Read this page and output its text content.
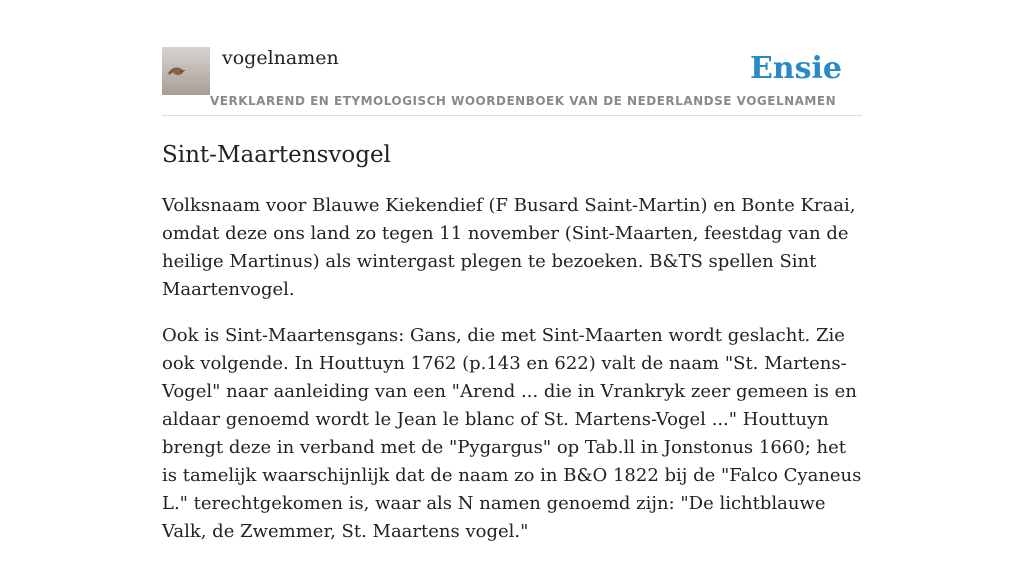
vogelnamen
VERKLAREND EN ETYMOLOGISCH WOORDENBOEK VAN DE NEDERLANDSE VOGELNAMEN
Ensie
Sint-Maartensvogel

Volksnaam voor Blauwe Kiekendief (F Busard Saint-Martin) en Bonte Kraai, omdat deze ons land zo tegen 11 november (Sint-Maarten, feestdag van de heilige Martinus) als wintergast plegen te bezoeken. B&TS spellen Sint Maartenvogel.

Ook is Sint-Maartensgans: Gans, die met Sint-Maarten wordt geslacht. Zie ook volgende. In Houttuyn 1762 (p.143 en 622) valt de naam "St. Martens-Vogel" naar aanleiding van een "Arend ... die in Vrankryk zeer gemeen is en aldaar genoemd wordt le Jean le blanc of St. Martens-Vogel ..." Houttuyn brengt deze in verband met de "Pygargus" op Tab.ll in Jonstonus 1660; het is tamelijk waarschijnlijk dat de naam zo in B&O 1822 bij de "Falco Cyaneus L." terechtgekomen is, waar als N namen genoemd zijn: "De lichtblauwe Valk, de Zwemmer, St. Maartens vogel."
